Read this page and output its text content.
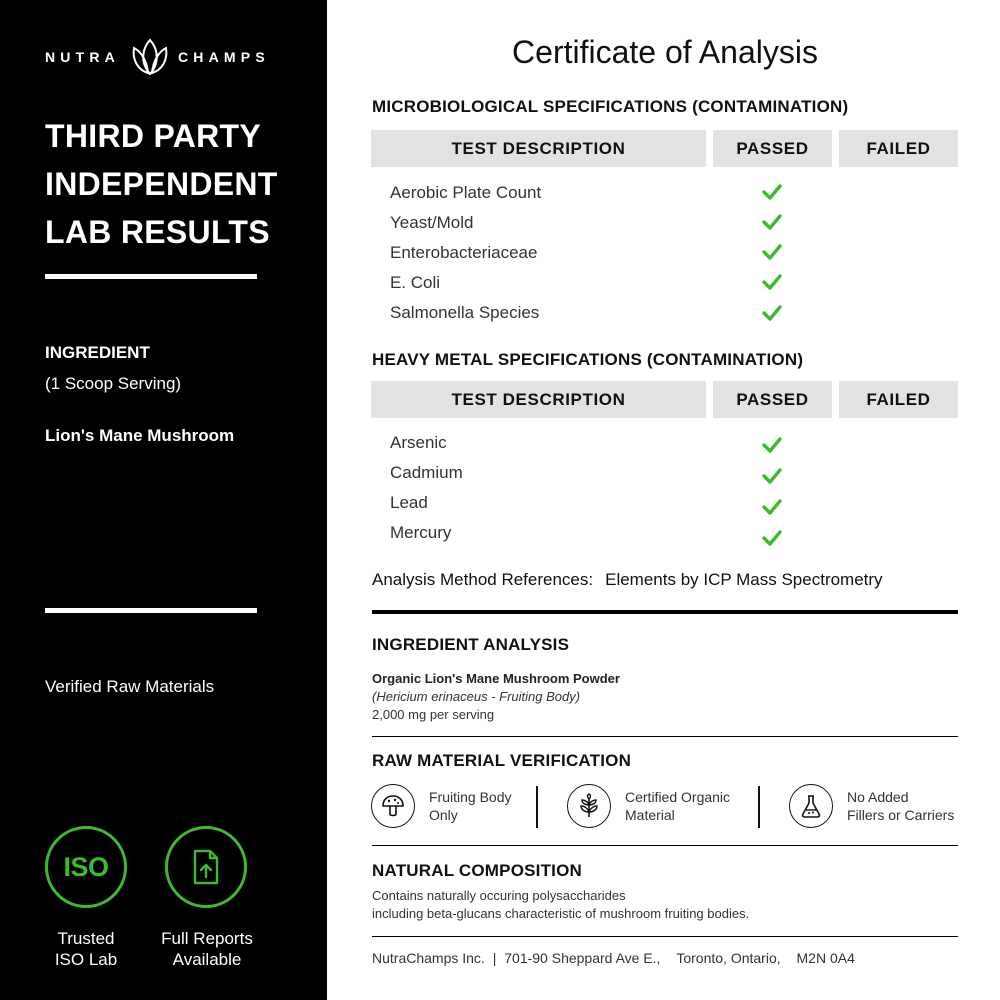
NUTRA	CHAMPS
THIRD PARTY
INDEPENDENT
LAB RESULTS
INGREDIENT
(1 Scoop Serving)
Lion's Mane Mushroom
Verified Raw Materials
ISO
Trusted
ISO Lab
Full Reports
Available
Certificate of Analysis
MICROBIOLOGICAL SPECIFICATIONS (CONTAMINATION)
TEST DESCRIPTION	PASSED	FAILED
Aerobic Plate Count
Yeast/Mold
Enterobacteriaceae
E. Coli
Salmonella Species
HEAVY METAL SPECIFICATIONS (CONTAMINATION)
TEST DESCRIPTION	PASSED	FAILED
Arsenic
Cadmium
Lead
Mercury
Analysis Method References: Elements by ICP Mass Spectrometry
INGREDIENT ANALYSIS
Organic Lion's Mane Mushroom Powder
(Hericium erinaceus - Fruiting Body)
2,000 mg per serving
RAW MATERIAL VERIFICATION
Fruiting Body
Only
Certified Organic
Material
No Added
Fillers or Carriers
NATURAL COMPOSITION
Contains naturally occuring polysaccharides
including beta-glucans characteristic of mushroom fruiting bodies.
NutraChamps Inc. | 701-90 Sheppard Ave E., Toronto, Ontario, M2N 0A4
